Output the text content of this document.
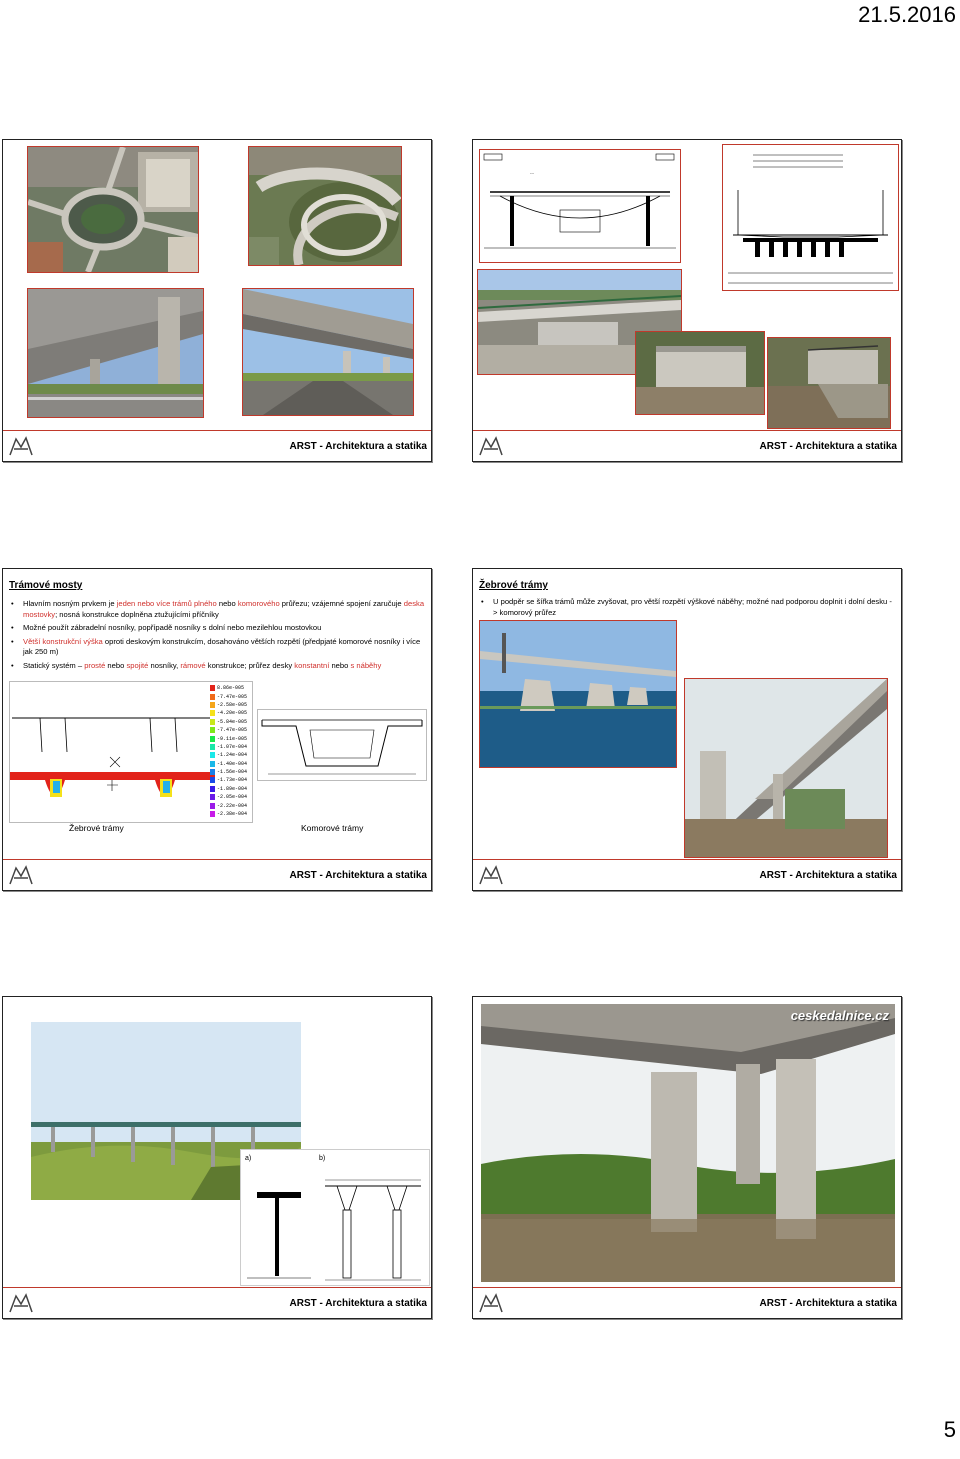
21.5.2016
ARST - Architektura a statika
---
ARST - Architektura a statika
Trámové mosty
• Hlavním nosným prvkem je jeden nebo více trámů plného nebo komorového průřezu; vzájemné spojení zaručuje deska mostovky; nosná konstrukce doplněna ztužujícími příčníky
• Možné použít zábradelní nosníky, popřípadě nosníky s dolní nebo mezilehlou mostovkou
• Větší konstrukční výška oproti deskovým konstrukcím, dosahováno větších rozpětí (předpjaté komorové nosníky i více jak 250 m)
• Statický systém – prosté nebo spojité nosníky, rámové konstrukce; průřez desky konstantní nebo s náběhy
8.86e-005
-7.47e-005
-2.58e-005
-4.20e-005
-5.84e-005
-7.47e-005
-9.11e-005
-1.07e-004
-1.24e-004
-1.40e-004
-1.56e-004
-1.73e-004
-1.89e-004
-2.05e-004
-2.22e-004
-2.38e-004
Žebrové trámy	Komorové trámy
ARST - Architektura a statika
Žebrové trámy
• U podpěr se šířka trámů může zvyšovat, pro větší rozpětí výškové náběhy; možné nad podporou doplnit i dolní desku -> komorový průřez
ARST - Architektura a statika
a)	b)
ARST - Architektura a statika
ceskedalnice.cz
ARST - Architektura a statika
5
